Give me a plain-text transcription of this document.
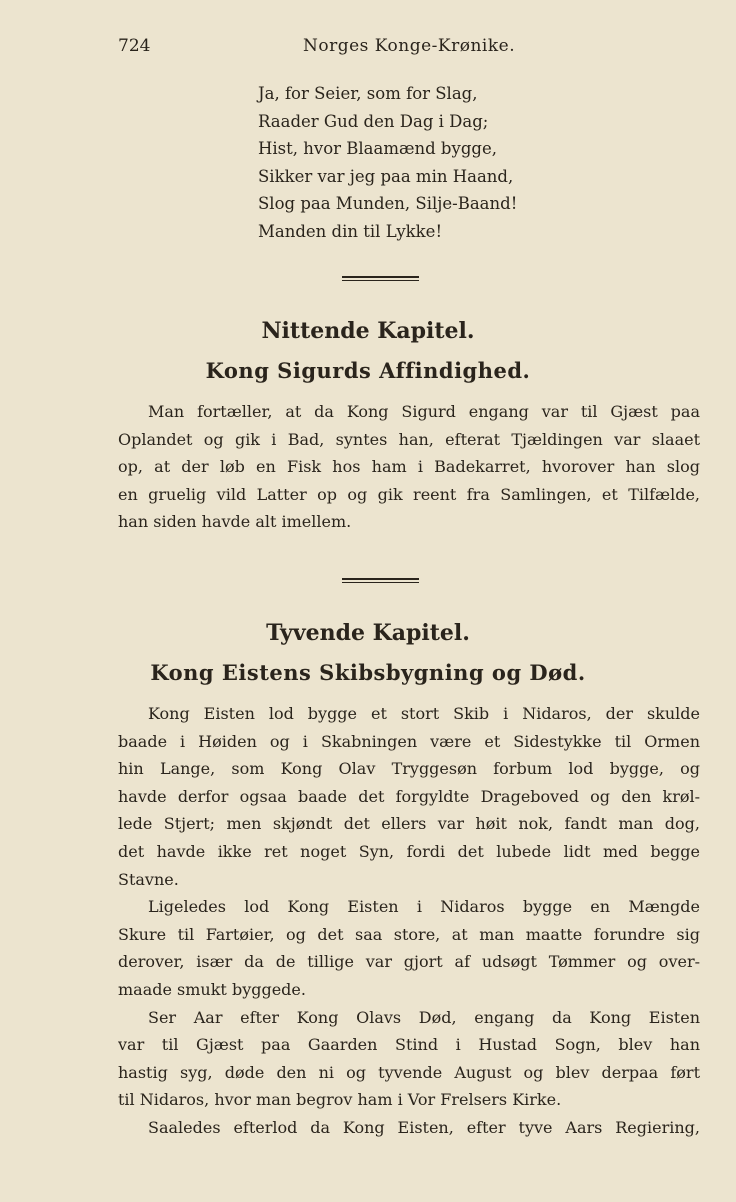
724	Norges Konge-Krønike.
Ja, for Seier, som for Slag,
Raader Gud den Dag i Dag;
Hist, hvor Blaamænd bygge,
Sikker var jeg paa min Haand,
Slog paa Munden, Silje-Baand!
Manden din til Lykke!
Nittende Kapitel.
Kong Sigurds Affindighed.
Man fortæller, at da Kong Sigurd engang var til Gjæst paa
Oplandet og gik i Bad, syntes han, efterat Tjældingen var slaaet
op, at der løb en Fisk hos ham i Badekarret, hvorover han slog
en gruelig vild Latter op og gik reent fra Samlingen, et Tilfælde,
han siden havde alt imellem.
Tyvende Kapitel.
Kong Eistens Skibsbygning og Død.
Kong Eisten lod bygge et stort Skib i Nidaros, der skulde
baade i Høiden og i Skabningen være et Sidestykke til Ormen
hin Lange, som Kong Olav Tryggesøn forbum lod bygge, og
havde derfor ogsaa baade det forgyldte Drageboved og den krøl-
lede Stjert; men skjøndt det ellers var høit nok, fandt man dog,
det havde ikke ret noget Syn, fordi det lubede lidt med begge
Stavne.
Ligeledes lod Kong Eisten i Nidaros bygge en Mængde
Skure til Fartøier, og det saa store, at man maatte forundre sig
derover, især da de tillige var gjort af udsøgt Tømmer og over-
maade smukt byggede.
Ser Aar efter Kong Olavs Død, engang da Kong Eisten
var til Gjæst paa Gaarden Stind i Hustad Sogn, blev han
hastig syg, døde den ni og tyvende August og blev derpaa ført
til Nidaros, hvor man begrov ham i Vor Frelsers Kirke.
Saaledes efterlod da Kong Eisten, efter tyve Aars Regiering,
